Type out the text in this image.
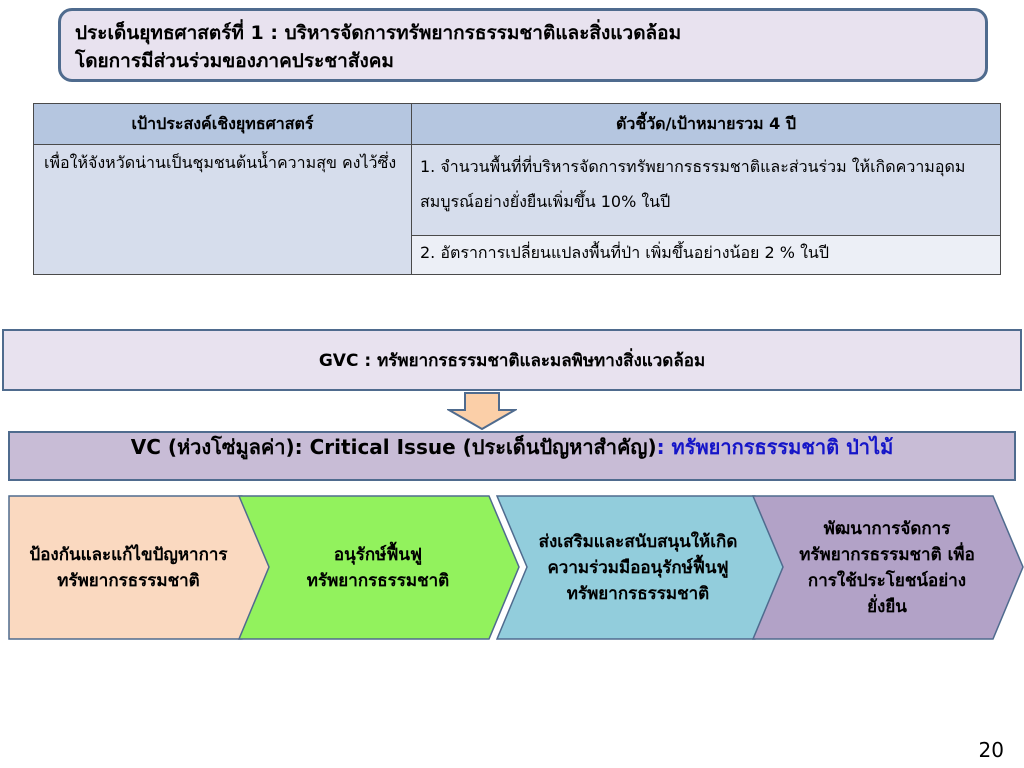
ประเด็นยุทธศาสตร์ที่ 1 : บริหารจัดการทรัพยากรธรรมชาติและสิ่งแวดล้อม
โดยการมีส่วนร่วมของภาคประชาสังคม
เป้าประสงค์เชิงยุทธศาสตร์	ตัวชี้วัด/เป้าหมายรวม 4 ปี
เพื่อให้จังหวัดน่านเป็นชุมชนต้นน้ำความสุข คงไว้ซึ่ง	1. จำนวนพื้นที่ที่บริหารจัดการทรัพยากรธรรมชาติและส่วนร่วม ให้เกิดความอุดมสมบูรณ์อย่างยั่งยืนเพิ่มขึ้น 10% ในปี
	2. อัตราการเปลี่ยนแปลงพื้นที่ป่า เพิ่มขึ้นอย่างน้อย 2 % ในปี
GVC : ทรัพยากรธรรมชาติและมลพิษทางสิ่งแวดล้อม
VC (ห่วงโซ่มูลค่า): Critical Issue (ประเด็นปัญหาสำคัญ): ทรัพยากรธรรมชาติ ป่าไม้
ป้องกันและแก้ไขปัญหาการทรัพยากรธรรมชาติ
อนุรักษ์ฟื้นฟูทรัพยากรธรรมชาติ
ส่งเสริมและสนับสนุนให้เกิดความร่วมมืออนุรักษ์ฟื้นฟูทรัพยากรธรรมชาติ
พัฒนาการจัดการทรัพยากรธรรมชาติ เพื่อการใช้ประโยชน์อย่างยั่งยืน
20
